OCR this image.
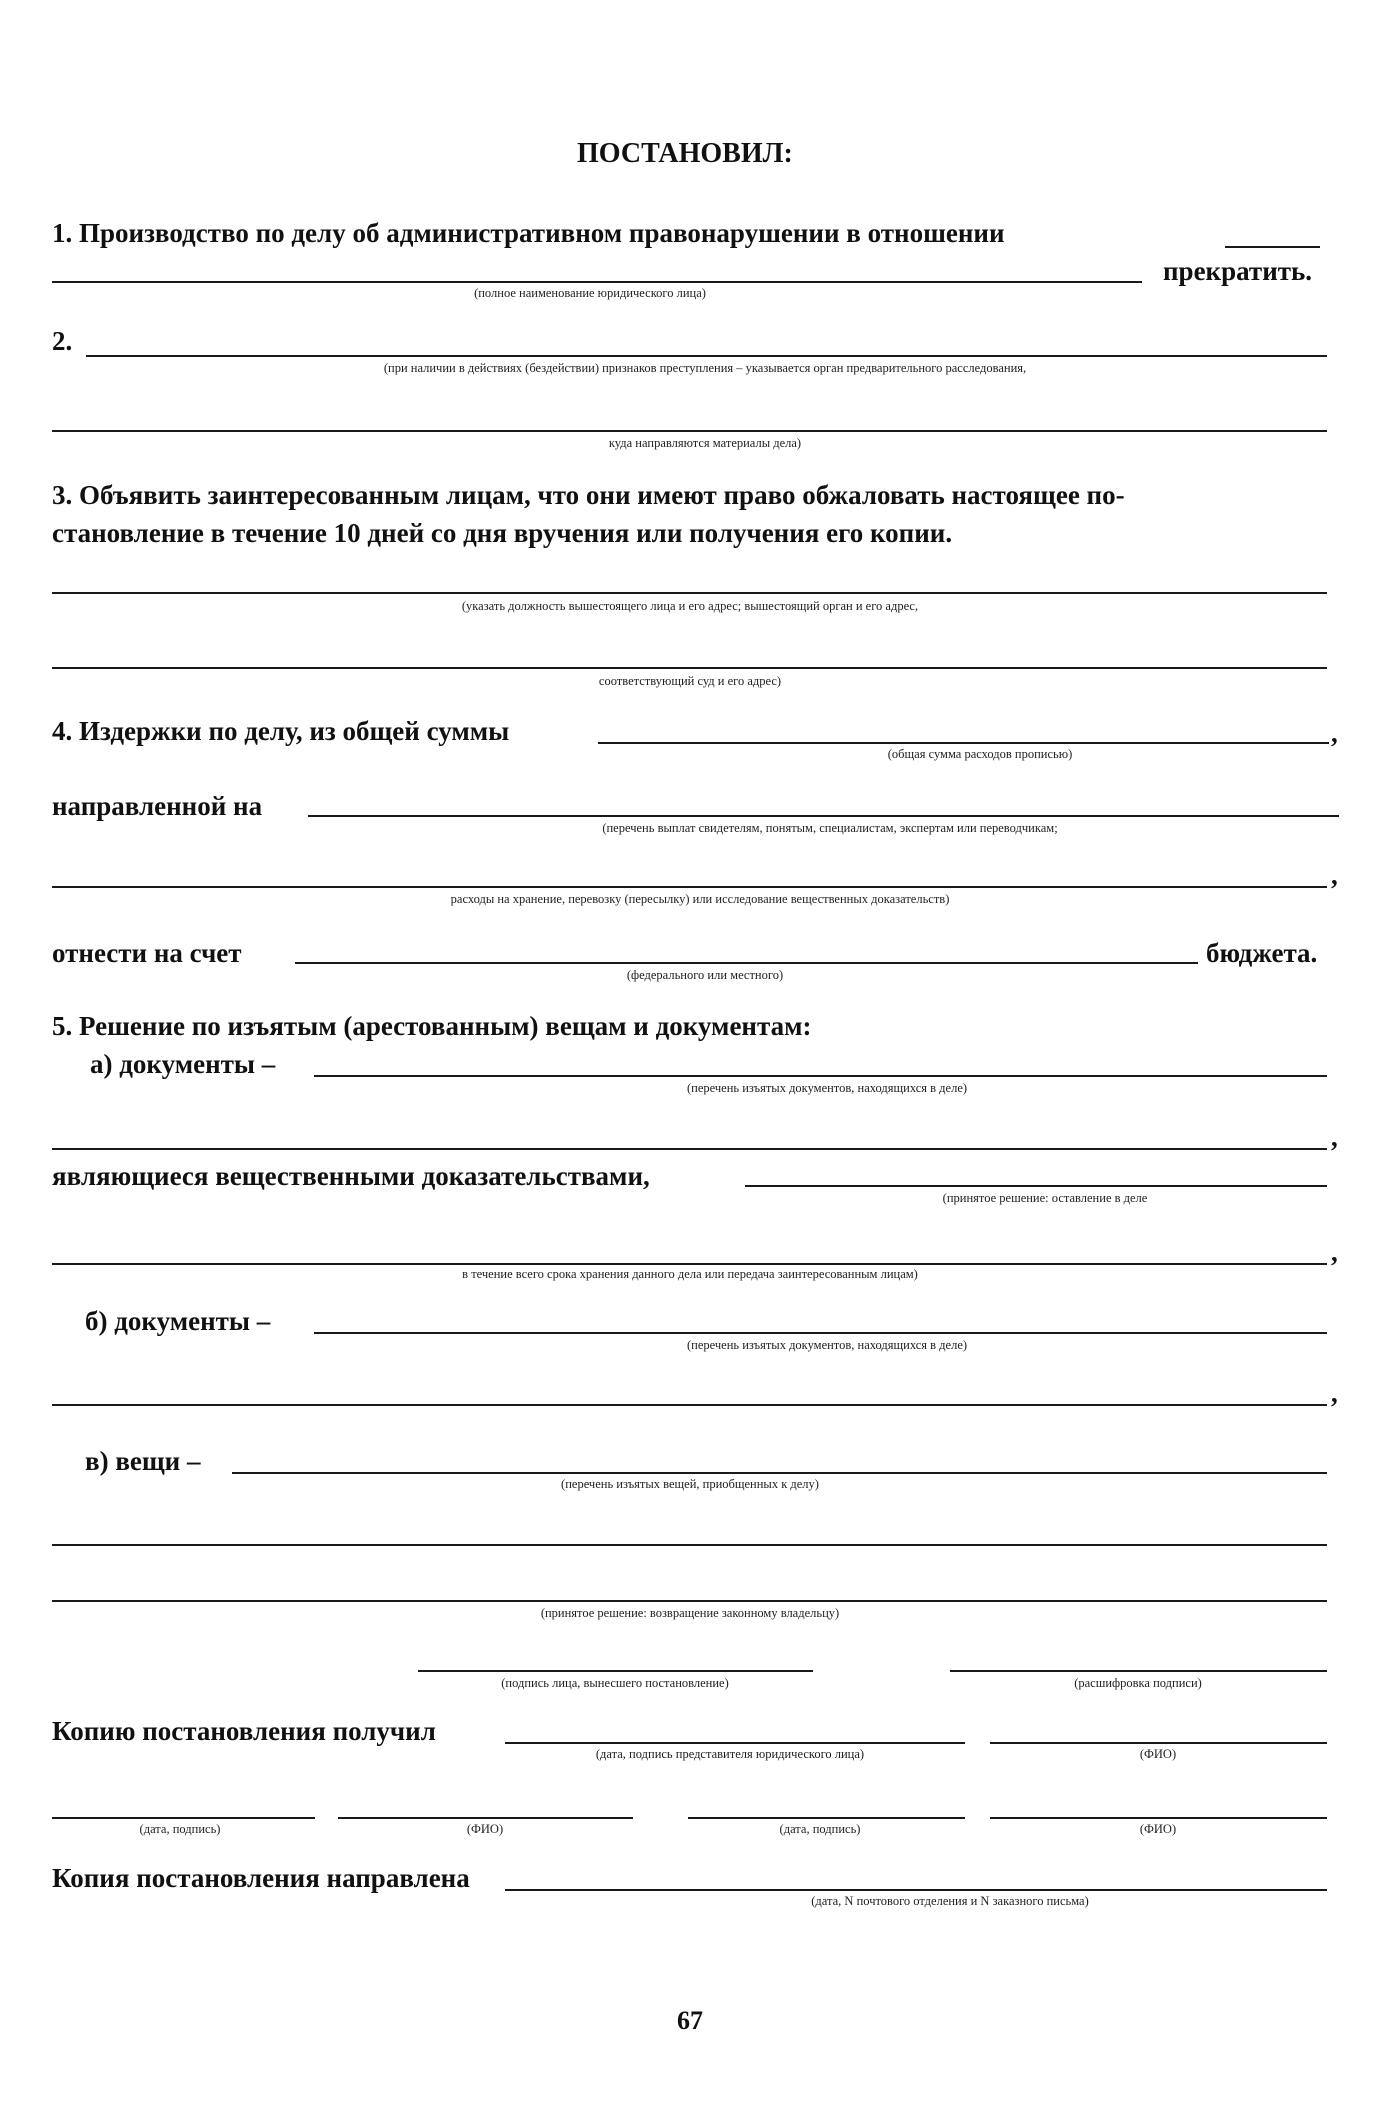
ПОСТАНОВИЛ:
1. Производство по делу об административном правонарушении в отношении
прекратить.
(полное наименование юридического лица)
2.
(при наличии в действиях (бездействии) признаков преступления – указывается орган предварительного расследования,
куда направляются материалы дела)
3. Объявить заинтересованным лицам, что они имеют право обжаловать настоящее по-
становление в течение 10 дней со дня вручения или получения его копии.
(указать должность вышестоящего лица и его адрес; вышестоящий орган и его адрес,
соответствующий суд и его адрес)
4. Издержки по делу, из общей суммы	,
(общая сумма расходов прописью)
направленной на
(перечень выплат свидетелям, понятым, специалистам, экспертам или переводчикам;
,
расходы на хранение, перевозку (пересылку) или исследование вещественных доказательств)
отнести на счет	бюджета.
(федерального или местного)
5. Решение по изъятым (арестованным) вещам и документам:
а) документы –
(перечень изъятых документов, находящихся в деле)
,
являющиеся вещественными доказательствами,
(принятое решение: оставление в деле
,
в течение всего срока хранения данного дела или передача заинтересованным лицам)
б) документы –
(перечень изъятых документов, находящихся в деле)
,
в) вещи –
(перечень изъятых вещей, приобщенных к делу)
(принятое решение: возвращение законному владельцу)
(подпись лица, вынесшего постановление)	(расшифровка подписи)
Копию постановления получил
(дата, подпись представителя юридического лица)	(ФИО)
(дата, подпись)	(ФИО)	(дата, подпись)	(ФИО)
Копия постановления направлена
(дата, N почтового отделения и N заказного письма)
67
